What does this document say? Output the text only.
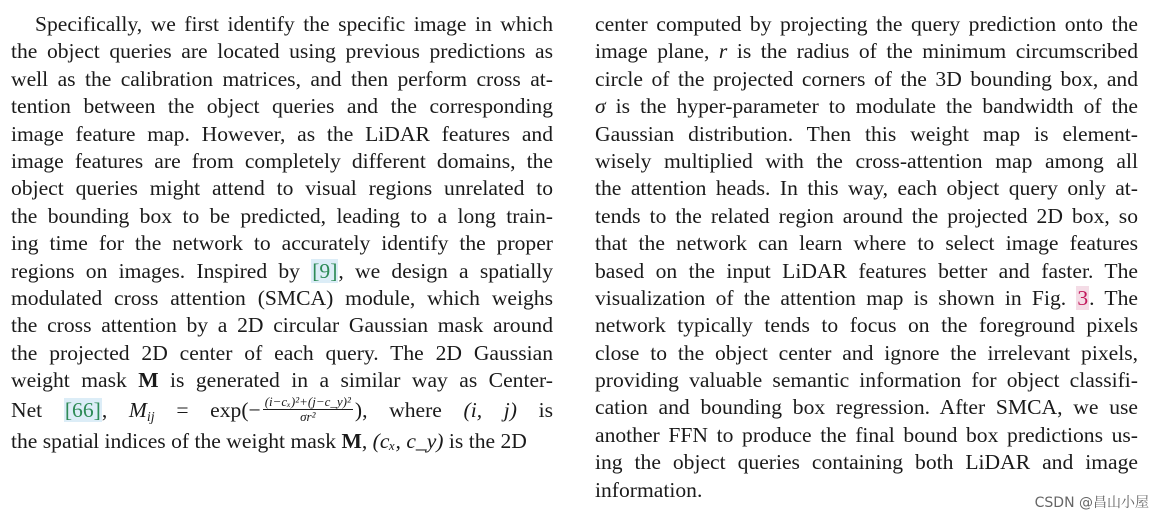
Specifically, we first identify the specific image in which
the object queries are located using previous predictions as
well as the calibration matrices, and then perform cross at-
tention between the object queries and the corresponding
image feature map. However, as the LiDAR features and
image features are from completely different domains, the
object queries might attend to visual regions unrelated to
the bounding box to be predicted, leading to a long train-
ing time for the network to accurately identify the proper
regions on images. Inspired by [9], we design a spatially
modulated cross attention (SMCA) module, which weighs
the cross attention by a 2D circular Gaussian mask around
the projected 2D center of each query. The 2D Gaussian
weight mask M is generated in a similar way as Center-
Net [66], $M_{ij} = \exp(- \frac{\text{(i−cₓ)²+(j−c\_y)²}}{\text{σr²}}$ ), where (i, j) is
the spatial indices of the weight mask M, (cₓ, c_y) is the 2D
center computed by projecting the query prediction onto the
image plane, r is the radius of the minimum circumscribed
circle of the projected corners of the 3D bounding box, and
σ is the hyper-parameter to modulate the bandwidth of the
Gaussian distribution. Then this weight map is element-
wisely multiplied with the cross-attention map among all
the attention heads. In this way, each object query only at-
tends to the related region around the projected 2D box, so
that the network can learn where to select image features
based on the input LiDAR features better and faster. The
visualization of the attention map is shown in Fig. 3. The
network typically tends to focus on the foreground pixels
close to the object center and ignore the irrelevant pixels,
providing valuable semantic information for object classifi-
cation and bounding box regression. After SMCA, we use
another FFN to produce the final bound box predictions us-
ing the object queries containing both LiDAR and image
information.
CSDN @昌山小屋
